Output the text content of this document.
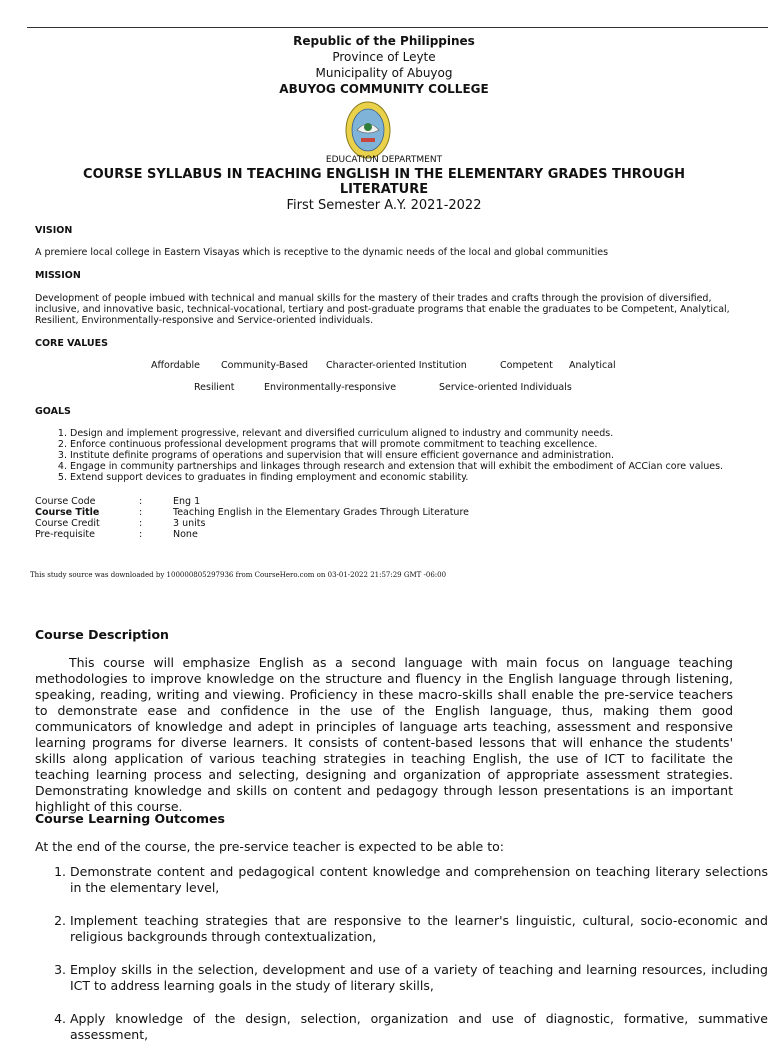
Republic of the Philippines
Province of Leyte
Municipality of Abuyog
ABUYOG COMMUNITY COLLEGE
EDUCATION DEPARTMENT
COURSE SYLLABUS IN TEACHING ENGLISH IN THE ELEMENTARY GRADES THROUGH LITERATURE
First Semester A.Y. 2021-2022
VISION
A premiere local college in Eastern Visayas which is receptive to the dynamic needs of the local and global communities
MISSION
Development of people imbued with technical and manual skills for the mastery of their trades and crafts through the provision of diversified, inclusive, and innovative basic, technical-vocational, tertiary and post-graduate programs that enable the graduates to be Competent, Analytical, Resilient, Environmentally-responsive and Service-oriented individuals.
CORE VALUES
Affordable Community-Based Character-oriented Institution	Competent Analytical
Resilient	Environmentally-responsive	Service-oriented Individuals
GOALS
1. Design and implement progressive, relevant and diversified curriculum aligned to industry and community needs.
2. Enforce continuous professional development programs that will promote commitment to teaching excellence.
3. Institute definite programs of operations and supervision that will ensure efficient governance and administration.
4. Engage in community partnerships and linkages through research and extension that will exhibit the embodiment of ACCian core values.
5. Extend support devices to graduates in finding employment and economic stability.
Course Code	:	Eng 1
Course Title	:	Teaching English in the Elementary Grades Through Literature
Course Credit	:	3 units
Pre-requisite	:	None
This study source was downloaded by 100000805297936 from CourseHero.com on 03-01-2022 21:57:29 GMT -06:00
Course Description
This course will emphasize English as a second language with main focus on language teaching methodologies to improve knowledge on the structure and fluency in the English language through listening, speaking, reading, writing and viewing. Proficiency in these macro-skills shall enable the pre-service teachers to demonstrate ease and confidence in the use of the English language, thus, making them good communicators of knowledge and adept in principles of language arts teaching, assessment and responsive learning programs for diverse learners. It consists of content-based lessons that will enhance the students' skills along application of various teaching strategies in teaching English, the use of ICT to facilitate the teaching learning process and selecting, designing and organization of appropriate assessment strategies. Demonstrating knowledge and skills on content and pedagogy through lesson presentations is an important highlight of this course.
Course Learning Outcomes
At the end of the course, the pre-service teacher is expected to be able to:
1. Demonstrate content and pedagogical content knowledge and comprehension on teaching literary selections in the elementary level,
2. Implement teaching strategies that are responsive to the learner's linguistic, cultural, socio-economic and religious backgrounds through contextualization,
3. Employ skills in the selection, development and use of a variety of teaching and learning resources, including ICT to address learning goals in the study of literary skills,
4. Apply knowledge of the design, selection, organization and use of diagnostic, formative, summative assessment,
